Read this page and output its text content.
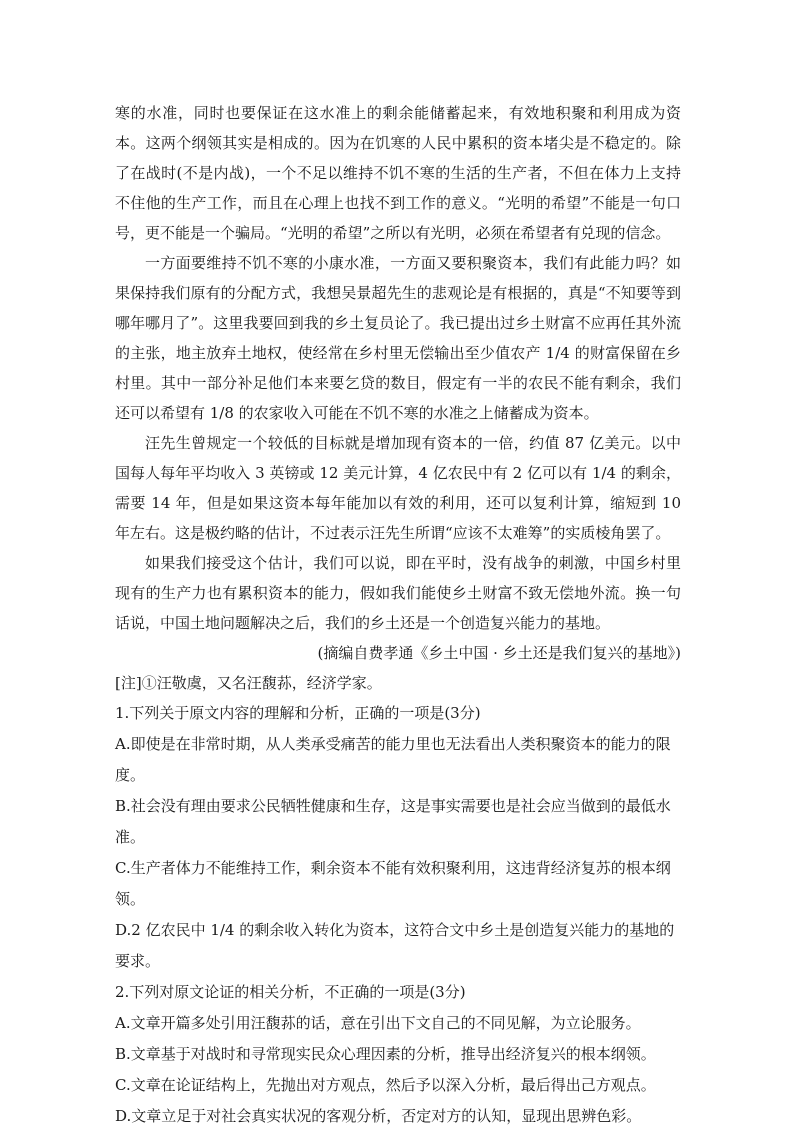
寒的水准，同时也要保证在这水准上的剩余能储蓄起来，有效地积聚和利用成为资本。这两个纲领其实是相成的。因为在饥寒的人民中累积的资本堵尖是不稳定的。除了在战时(不是内战)，一个不足以维持不饥不寒的生活的生产者，不但在体力上支持不住他的生产工作，而且在心理上也找不到工作的意义。“光明的希望”不能是一句口号，更不能是一个骗局。“光明的希望”之所以有光明，必须在希望者有兑现的信念。

一方面要维持不饥不寒的小康水准，一方面又要积聚资本，我们有此能力吗？如果保持我们原有的分配方式，我想吴景超先生的悲观论是有根据的，真是“不知要等到哪年哪月了”。这里我要回到我的乡土复员论了。我已提出过乡土财富不应再任其外流的主张，地主放弃土地权，使经常在乡村里无偿输出至少值农产 1/4 的财富保留在乡村里。其中一部分补足他们本来要乞贷的数目，假定有一半的农民不能有剩余，我们还可以希望有 1/8 的农家收入可能在不饥不寒的水准之上储蓄成为资本。

汪先生曾规定一个较低的目标就是增加现有资本的一倍，约值 87 亿美元。以中国每人每年平均收入 3 英镑或 12 美元计算，4 亿农民中有 2 亿可以有 1/4 的剩余，需要 14 年，但是如果这资本每年能加以有效的利用，还可以复利计算，缩短到 10 年左右。这是极约略的估计，不过表示汪先生所谓“应该不太难筹”的实质棱角罢了。

如果我们接受这个估计，我们可以说，即在平时，没有战争的刺激，中国乡村里现有的生产力也有累积资本的能力，假如我们能使乡土财富不致无偿地外流。换一句话说，中国土地问题解决之后，我们的乡土还是一个创造复兴能力的基地。

(摘编自费孝通《乡土中国 · 乡土还是我们复兴的基地》)

[注]①汪敬虞，又名汪馥荪，经济学家。

1.下列关于原文内容的理解和分析，正确的一项是(3分)

A.即使是在非常时期，从人类承受痛苦的能力里也无法看出人类积聚资本的能力的限度。

B.社会没有理由要求公民牺牲健康和生存，这是事实需要也是社会应当做到的最低水准。

C.生产者体力不能维持工作，剩余资本不能有效积聚利用，这违背经济复苏的根本纲领。

D.2 亿农民中 1/4 的剩余收入转化为资本，这符合文中乡土是创造复兴能力的基地的要求。

2.下列对原文论证的相关分析，不正确的一项是(3分)

A.文章开篇多处引用汪馥荪的话，意在引出下文自己的不同见解，为立论服务。

B.文章基于对战时和寻常现实民众心理因素的分析，推导出经济复兴的根本纲领。

C.文章在论证结构上，先抛出对方观点，然后予以深入分析，最后得出己方观点。

D.文章立足于对社会真实状况的客观分析，否定对方的认知，显现出思辨色彩。
